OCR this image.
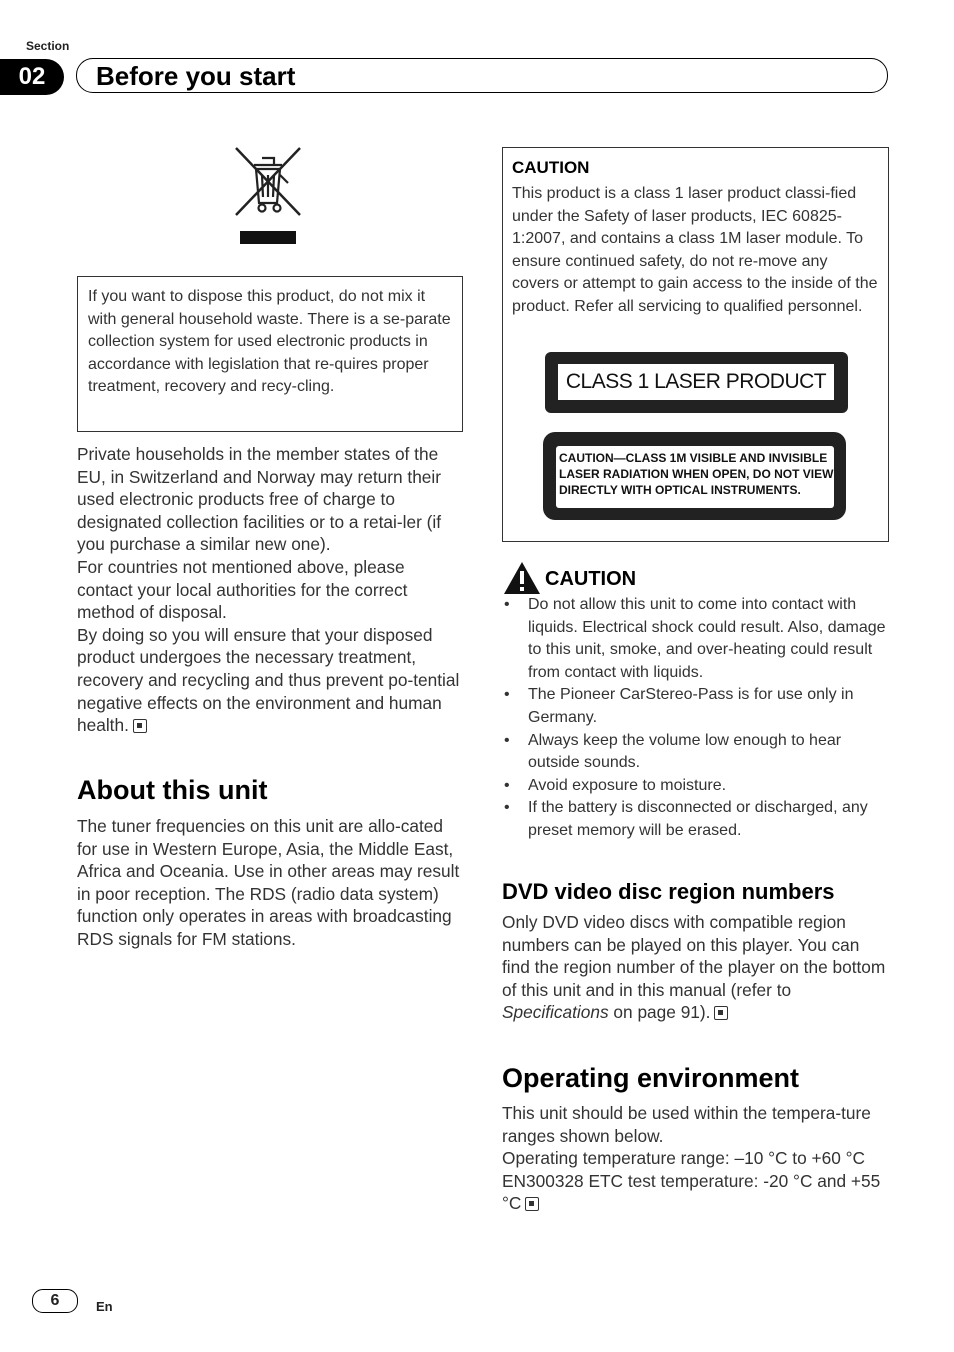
Section
02	Before you start

If you want to dispose this product, do not mix it with general household waste. There is a se-parate collection system for used electronic products in accordance with legislation that re-quires proper treatment, recovery and recy-cling.

Private households in the member states of the EU, in Switzerland and Norway may return their used electronic products free of charge to designated collection facilities or to a retai-ler (if you purchase a similar new one).

For countries not mentioned above, please contact your local authorities for the correct method of disposal.

By doing so you will ensure that your disposed product undergoes the necessary treatment, recovery and recycling and thus prevent po-tential negative effects on the environment and human health.

About this unit
The tuner frequencies on this unit are allo-cated for use in Western Europe, Asia, the Middle East, Africa and Oceania. Use in other areas may result in poor reception. The RDS (radio data system) function only operates in areas with broadcasting RDS signals for FM stations.
CAUTION
This product is a class 1 laser product classi-fied under the Safety of laser products, IEC 60825-1:2007, and contains a class 1M laser module. To ensure continued safety, do not re-move any covers or attempt to gain access to the inside of the product. Refer all servicing to qualified personnel.
CLASS 1 LASER PRODUCT
CAUTION—CLASS 1M VISIBLE AND INVISIBLE LASER RADIATION WHEN OPEN, DO NOT VIEW DIRECTLY WITH OPTICAL INSTRUMENTS.
CAUTION
• Do not allow this unit to come into contact with liquids. Electrical shock could result. Also, damage to this unit, smoke, and over-heating could result from contact with liquids.
• The Pioneer CarStereo-Pass is for use only in Germany.
• Always keep the volume low enough to hear outside sounds.
• Avoid exposure to moisture.
• If the battery is disconnected or discharged, any preset memory will be erased.
DVD video disc region numbers
Only DVD video discs with compatible region numbers can be played on this player. You can find the region number of the player on the bottom of this unit and in this manual (refer to Specifications on page 91).
Operating environment

This unit should be used within the tempera-ture ranges shown below.

Operating temperature range: –10 °C to +60 °C

EN300328 ETC test temperature: -20 °C and +55 °C

6	En
